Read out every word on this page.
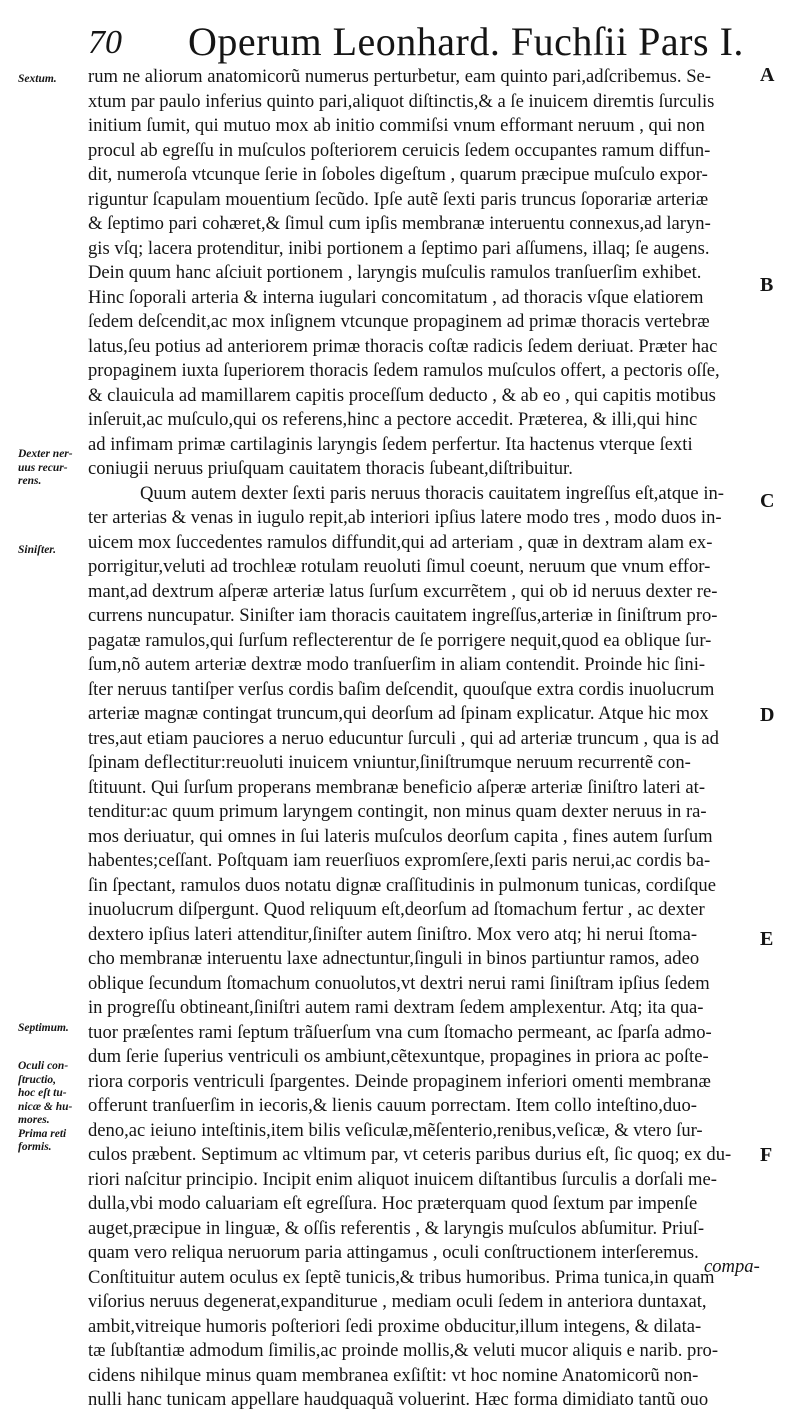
70 Operum Leonhard. Fuchſii Pars I.
Sextum.
Dexter ner-
uus recur-
rens.
Siniſter.
Septimum.
Oculi con-
ſtructio,
hoc eſt tu-
nicæ & hu-
mores.
Prima reti
formis.
A
B
C
D
E
F
rum ne aliorum anatomicorũ numerus perturbetur, eam quinto pari,adſcribemus. Se-
xtum par paulo inferius quinto pari,aliquot diſtinctis,& a ſe inuicem diremtis ſurculis
initium ſumit, qui mutuo mox ab initio commiſsi vnum efformant neruum , qui non
procul ab egreſſu in muſculos poſteriorem ceruicis ſedem occupantes ramum diffun-
dit, numeroſa vtcunque ſerie in ſoboles digeſtum , quarum præcipue muſculo expor-
riguntur ſcapulam mouentium ſecũdo. Ipſe autẽ ſexti paris truncus ſoporariæ arteriæ
& ſeptimo pari cohæret,& ſimul cum ipſis membranæ interuentu connexus,ad laryn-
gis vſq; lacera protenditur, inibi portionem a ſeptimo pari aſſumens, illaq; ſe augens.
Dein quum hanc aſciuit portionem , laryngis muſculis ramulos tranſuerſim exhibet.
Hinc ſoporali arteria & interna iugulari concomitatum , ad thoracis vſque elatiorem
ſedem deſcendit,ac mox inſignem vtcunque propaginem ad primæ thoracis vertebræ
latus,ſeu potius ad anteriorem primæ thoracis coſtæ radicis ſedem deriuat. Præter hac
propaginem iuxta ſuperiorem thoracis ſedem ramulos muſculos offert, a pectoris oſſe,
& clauicula ad mamillarem capitis proceſſum deducto , & ab eo , qui capitis motibus
inſeruit,ac muſculo,qui os referens,hinc a pectore accedit. Præterea, & illi,qui hinc
ad infimam primæ cartilaginis laryngis ſedem perfertur. Ita hactenus vterque ſexti
coniugii neruus priuſquam cauitatem thoracis ſubeant,diſtribuitur.
Quum autem dexter ſexti paris neruus thoracis cauitatem ingreſſus eſt,atque in-
ter arterias & venas in iugulo repit,ab interiori ipſius latere modo tres , modo duos in-
uicem mox ſuccedentes ramulos diffundit,qui ad arteriam , quæ in dextram alam ex-
porrigitur,veluti ad trochleæ rotulam reuoluti ſimul coeunt, neruum que vnum effor-
mant,ad dextrum aſperæ arteriæ latus ſurſum excurrẽtem , qui ob id neruus dexter re-
currens nuncupatur. Siniſter iam thoracis cauitatem ingreſſus,arteriæ in ſiniſtrum pro-
pagatæ ramulos,qui ſurſum reflecterentur de ſe porrigere nequit,quod ea oblique ſur-
ſum,nõ autem arteriæ dextræ modo tranſuerſim in aliam contendit. Proinde hic ſini-
ſter neruus tantiſper verſus cordis baſim deſcendit, quouſque extra cordis inuolucrum
arteriæ magnæ contingat truncum,qui deorſum ad ſpinam explicatur. Atque hic mox
tres,aut etiam pauciores a neruo educuntur ſurculi , qui ad arteriæ truncum , qua is ad
ſpinam deflectitur:reuoluti inuicem vniuntur,ſiniſtrumque neruum recurrentẽ con-
ſtituunt. Qui ſurſum properans membranæ beneficio aſperæ arteriæ ſiniſtro lateri at-
tenditur:ac quum primum laryngem contingit, non minus quam dexter neruus in ra-
mos deriuatur, qui omnes in ſui lateris muſculos deorſum capita , fines autem ſurſum
habentes;ceſſant. Poſtquam iam reuerſiuos expromſere,ſexti paris nerui,ac cordis ba-
ſin ſpectant, ramulos duos notatu dignæ craſſitudinis in pulmonum tunicas, cordiſque
inuolucrum diſpergunt. Quod reliquum eſt,deorſum ad ſtomachum fertur , ac dexter
dextero ipſius lateri attenditur,ſiniſter autem ſiniſtro. Mox vero atq; hi nerui ſtoma-
cho membranæ interuentu laxe adnectuntur,ſinguli in binos partiuntur ramos, adeo
oblique ſecundum ſtomachum conuolutos,vt dextri nerui rami ſiniſtram ipſius ſedem
in progreſſu obtineant,ſiniſtri autem rami dextram ſedem amplexentur. Atq; ita qua-
tuor præſentes rami ſeptum trãſuerſum vna cum ſtomacho permeant, ac ſparſa admo-
dum ſerie ſuperius ventriculi os ambiunt,cẽtexuntque, propagines in priora ac poſte-
riora corporis ventriculi ſpargentes. Deinde propaginem inferiori omenti membranæ
offerunt tranſuerſim in iecoris,& lienis cauum porrectam. Item collo inteſtino,duo-
deno,ac ieiuno inteſtinis,item bilis veſiculæ,mẽſenterio,renibus,veſicæ, & vtero ſur-
culos præbent. Septimum ac vltimum par, vt ceteris paribus durius eſt, ſic quoq; ex du-
riori naſcitur principio. Incipit enim aliquot inuicem diſtantibus ſurculis a dorſali me-
dulla,vbi modo caluariam eſt egreſſura. Hoc præterquam quod ſextum par impenſe
auget,præcipue in linguæ, & oſſis referentis , & laryngis muſculos abſumitur. Priuſ-
quam vero reliqua neruorum paria attingamus , oculi conſtructionem interſeremus.
Conſtituitur autem oculus ex ſeptẽ tunicis,& tribus humoribus. Prima tunica,in quam
viſorius neruus degenerat,expanditurue , mediam oculi ſedem in anteriora duntaxat,
ambit,vitreique humoris poſteriori ſedi proxime obducitur,illum integens, & dilata-
tæ ſubſtantiæ admodum ſimilis,ac proinde mollis,& veluti mucor aliquis e narib. pro-
cidens nihilque minus quam membranea exſiſtit: vt hoc nomine Anatomicorũ non-
nulli hanc tunicam appellare haudquaquã voluerint. Hæc forma dimidiato tantũ ouo
compa-
